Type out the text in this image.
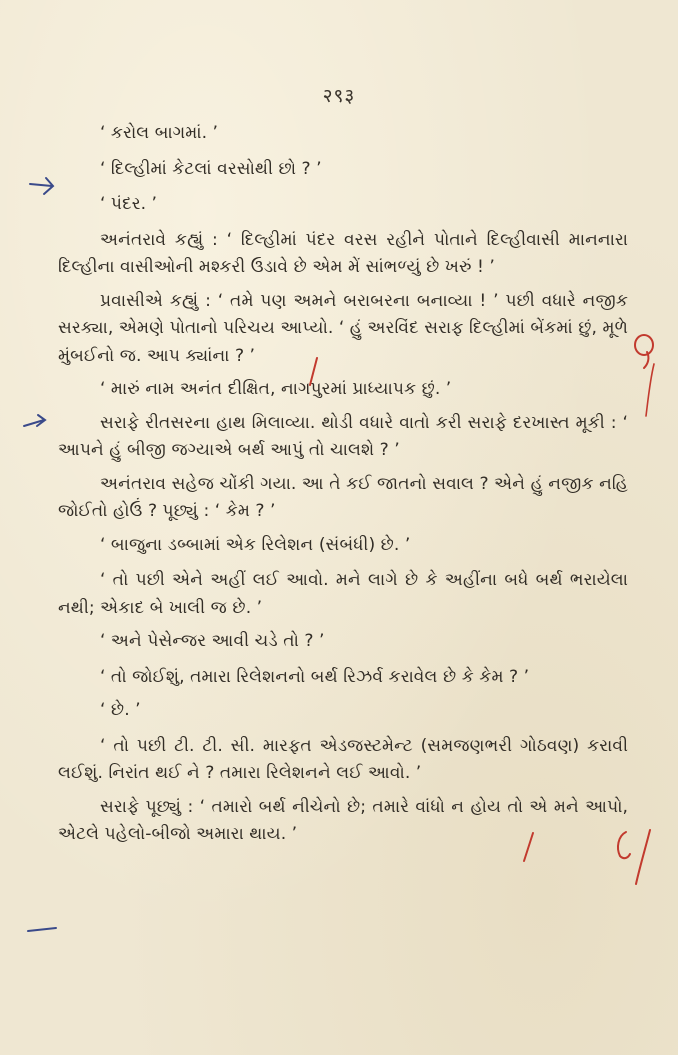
२९३

‘ કરોલ બાગમાં. ’

‘ દિલ્હીમાં કેટલાં વરસોથી છો ? ’

‘ પંદર. ’

અનંતરાવે કહ્યું : ‘ દિલ્હીમાં પંદર વરસ રહીને પોતાને દિલ્હીવાસી માનનારા દિલ્હીના વાસીઓની મશ્કરી ઉડાવે છે એમ મેં સાંભળ્યું છે ખરું ! ’

પ્રવાસીએ કહ્યું : ‘ તમે પણ અમને બરાબરના બનાવ્યા ! ’ પછી વધારે નજીક સરક્યા, એમણે પોતાનો પરિચય આપ્યો. ‘ હું અરવિંદ સરાફ દિલ્હીમાં બેંકમાં છું, મૂળે મુંબઈનો જ. આપ ક્યાંના ? ’

‘ મારું નામ અનંત દીક્ષિત, નાગપુરમાં પ્રાધ્યાપક છું. ’

સરાફે રીતસરના હાથ મિલાવ્યા. થોડી વધારે વાતો કરી સરાફે દરખાસ્ત મૂકી : ‘ આપને હું બીજી જગ્યાએ બર્થ આપું તો ચાલશે ? ’

અનંતરાવ સહેજ ચોંકી ગયા. આ તે કઈ જાતનો સવાલ ? એને હું નજીક નહિ જોઈતો હોઉં ? પૂછ્યું : ‘ કેમ ? ’

‘ બાજુના ડબ્બામાં એક રિલેશન (સંબંધી) છે. ’

‘ તો પછી એને અહીં લઈ આવો. મને લાગે છે કે અહીંના બધે બર્થ ભરાયેલા નથી; એકાદ બે ખાલી જ છે. ’

‘ અને પેસેન્જર આવી ચડે તો ? ’

‘ તો જોઈશું, તમારા રિલેશનનો બર્થ રિઝર્વ કરાવેલ છે કે કેમ ? ’

‘ છે. ’

‘ તો પછી ટી. ટી. સી. મારફત એડજસ્ટમેન્ટ (સમજણભરી ગોઠવણ) કરાવી લઈશું. નિરાંત થઈ ને ? તમારા રિલેશનને લઈ આવો. ’

સરાફે પૂછ્યું : ‘ તમારો બર્થ નીચેનો છે; તમારે વાંધો ન હોય તો એ મને આપો, એટલે પહેલો-બીજો અમારા થાય. ’
